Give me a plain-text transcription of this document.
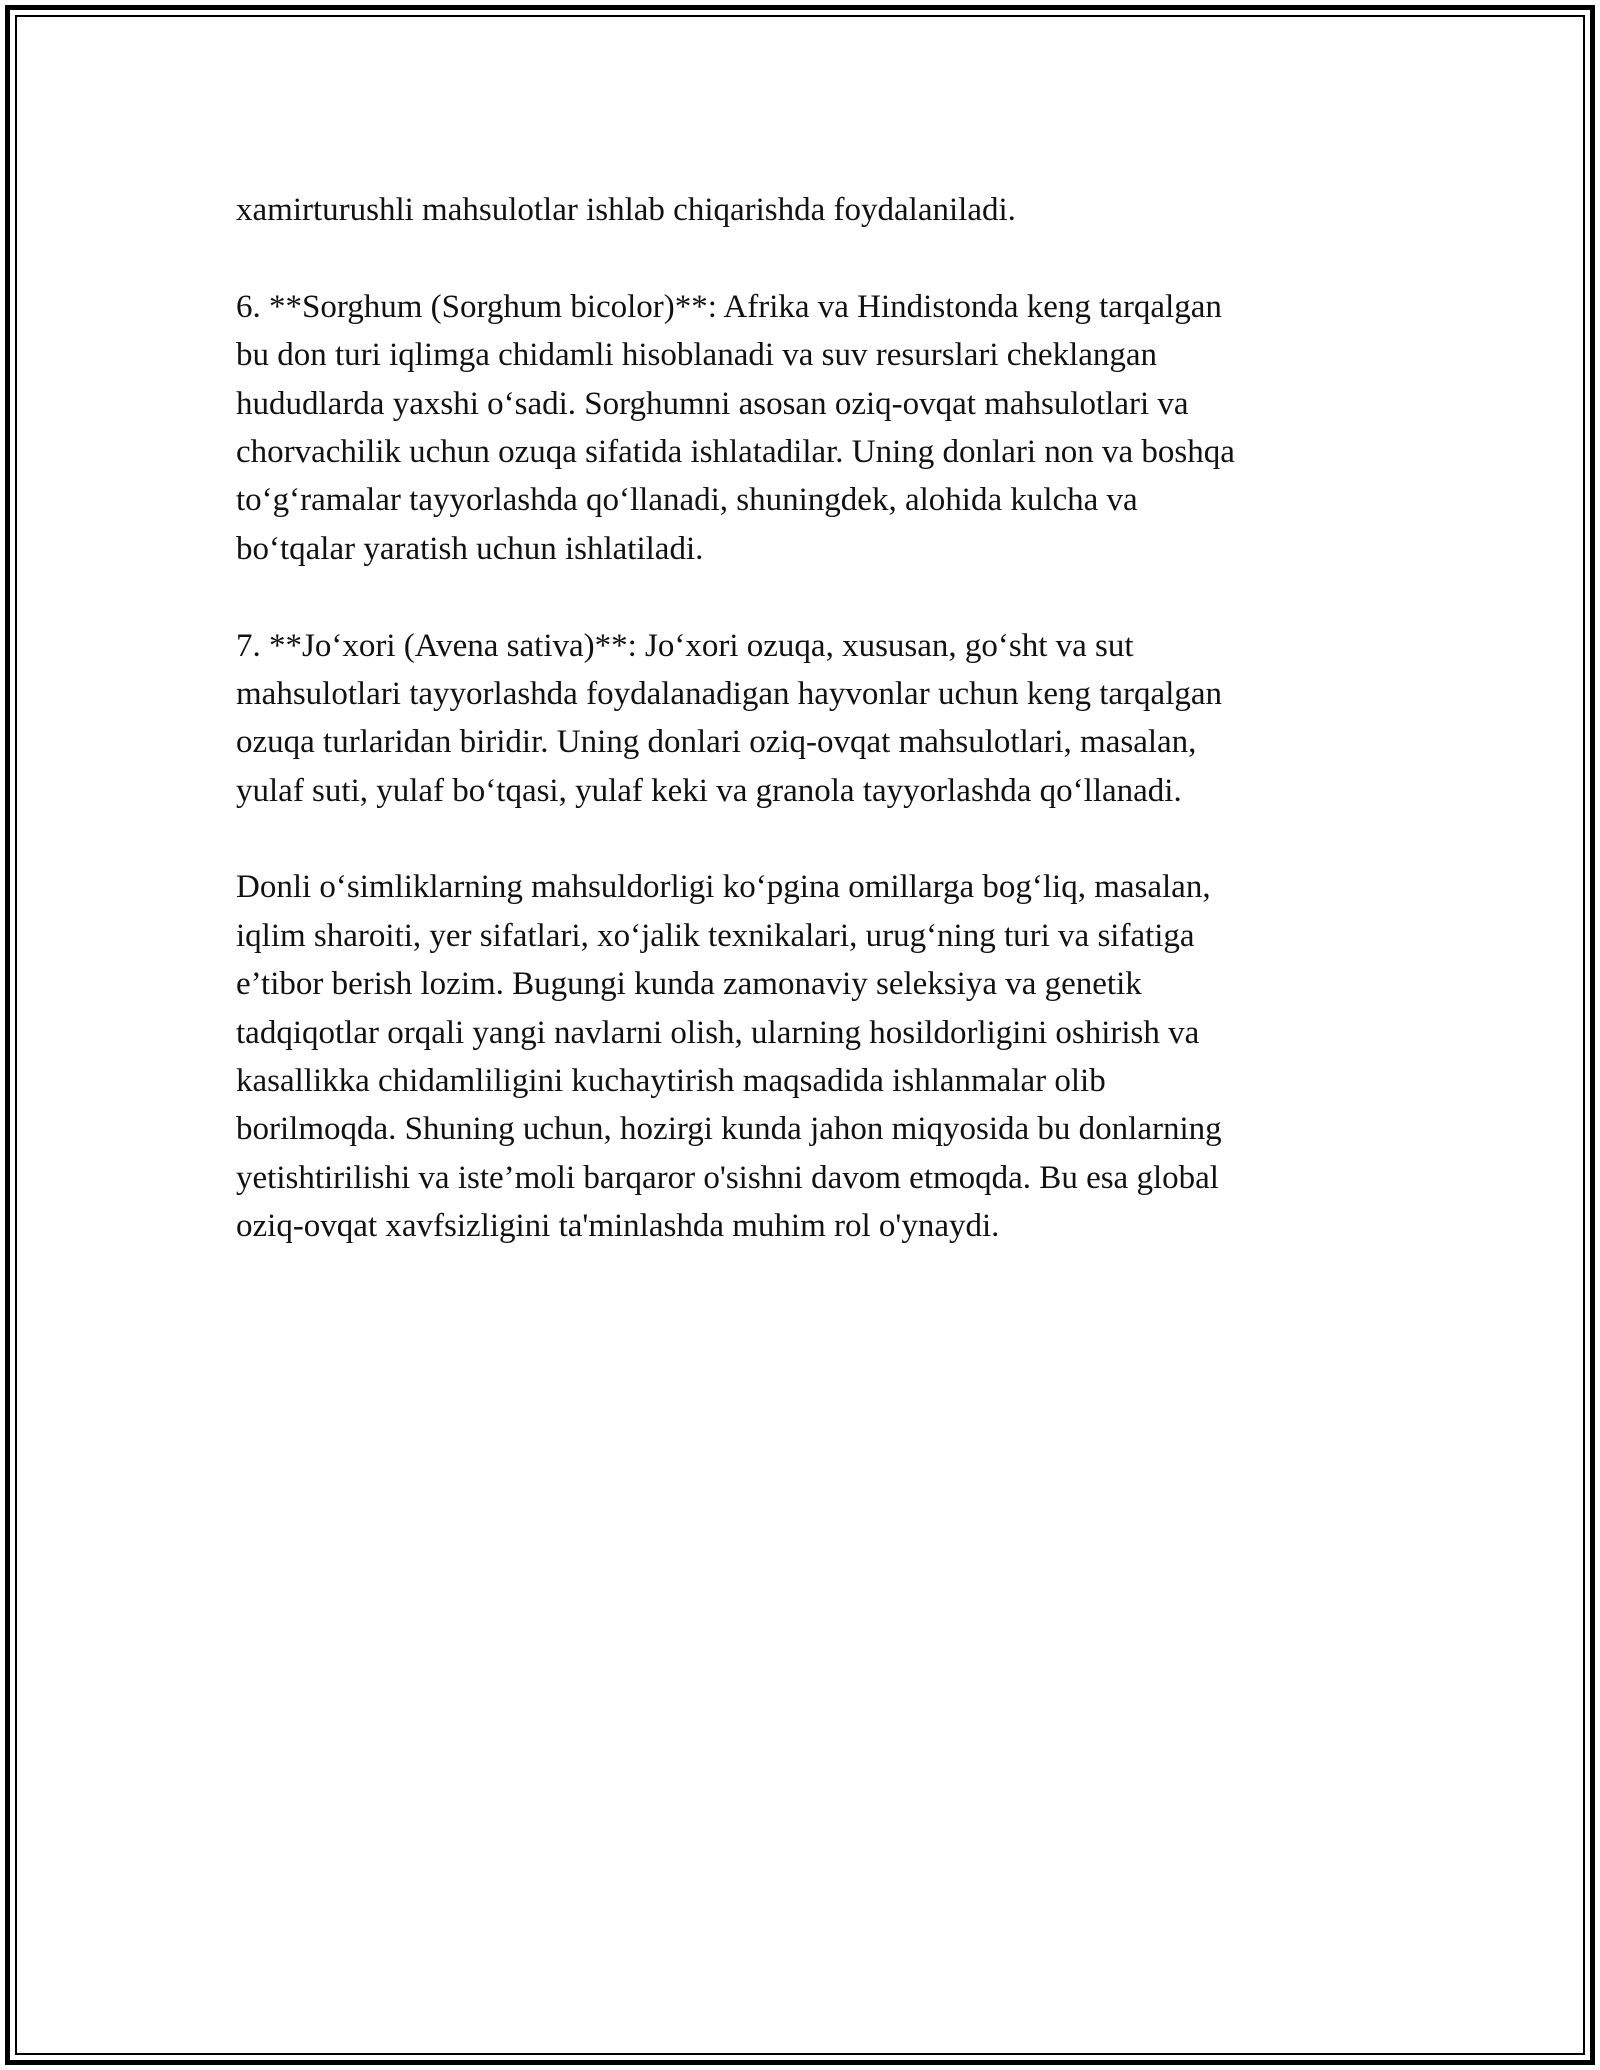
xamirturushli mahsulotlar ishlab chiqarishda foydalaniladi.
6. **Sorghum (Sorghum bicolor)**: Afrika va Hindistonda keng tarqalgan
bu don turi iqlimga chidamli hisoblanadi va suv resurslari cheklangan
hududlarda yaxshi o‘sadi. Sorghumni asosan oziq-ovqat mahsulotlari va
chorvachilik uchun ozuqa sifatida ishlatadilar. Uning donlari non va boshqa
to‘g‘ramalar tayyorlashda qo‘llanadi, shuningdek, alohida kulcha va
bo‘tqalar yaratish uchun ishlatiladi.
7. **Jo‘xori (Avena sativa)**: Jo‘xori ozuqa, xususan, go‘sht va sut
mahsulotlari tayyorlashda foydalanadigan hayvonlar uchun keng tarqalgan
ozuqa turlaridan biridir. Uning donlari oziq-ovqat mahsulotlari, masalan,
yulaf suti, yulaf bo‘tqasi, yulaf keki va granola tayyorlashda qo‘llanadi.
Donli o‘simliklarning mahsuldorligi ko‘pgina omillarga bog‘liq, masalan,
iqlim sharoiti, yer sifatlari, xo‘jalik texnikalari, urug‘ning turi va sifatiga
e’tibor berish lozim. Bugungi kunda zamonaviy seleksiya va genetik
tadqiqotlar orqali yangi navlarni olish, ularning hosildorligini oshirish va
kasallikka chidamliligini kuchaytirish maqsadida ishlanmalar olib
borilmoqda. Shuning uchun, hozirgi kunda jahon miqyosida bu donlarning
yetishtirilishi va iste’moli barqaror o'sishni davom etmoqda. Bu esa global
oziq-ovqat xavfsizligini ta'minlashda muhim rol o'ynaydi.
